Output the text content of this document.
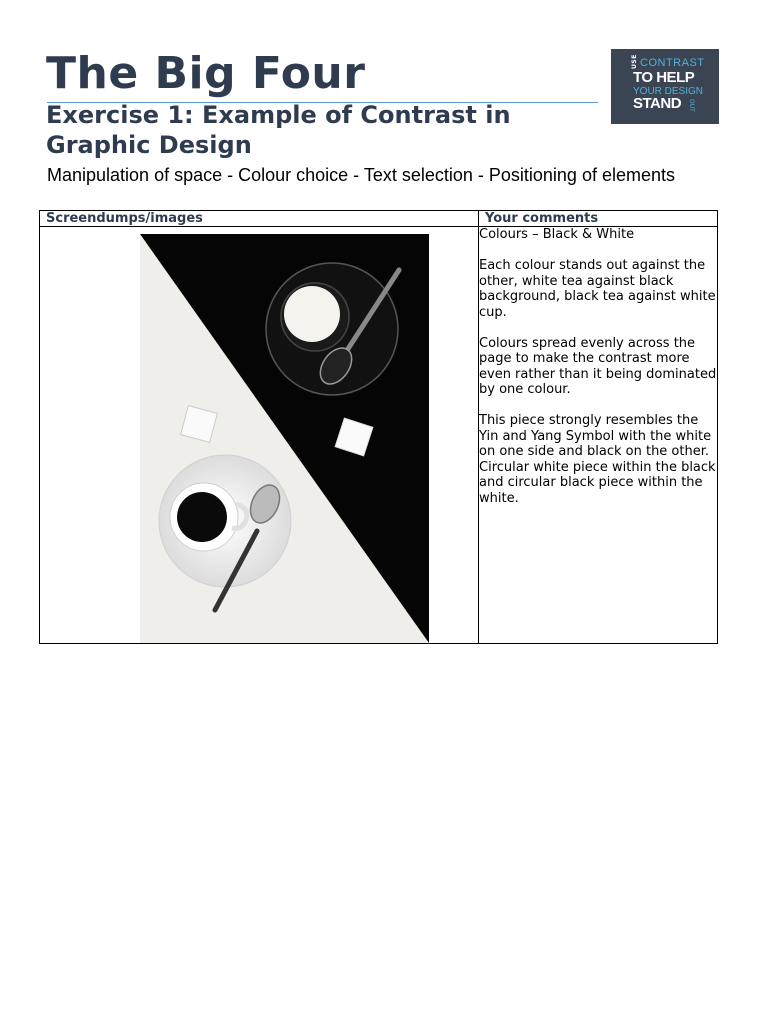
The Big Four
Exercise 1: Example of Contrast in Graphic Design
Manipulation of space - Colour choice - Text selection - Positioning of elements
USE CONTRAST
TO HELP
YOUR DESIGN
STAND OUT
Screendumps/images	Your comments

Colours – Black & White

Each colour stands out against the other, white tea against black background, black tea against white cup.

Colours spread evenly across the page to make the contrast more even rather than it being dominated by one colour.

This piece strongly resembles the Yin and Yang Symbol with the white on one side and black on the other. Circular white piece within the black and circular black piece within the white.
